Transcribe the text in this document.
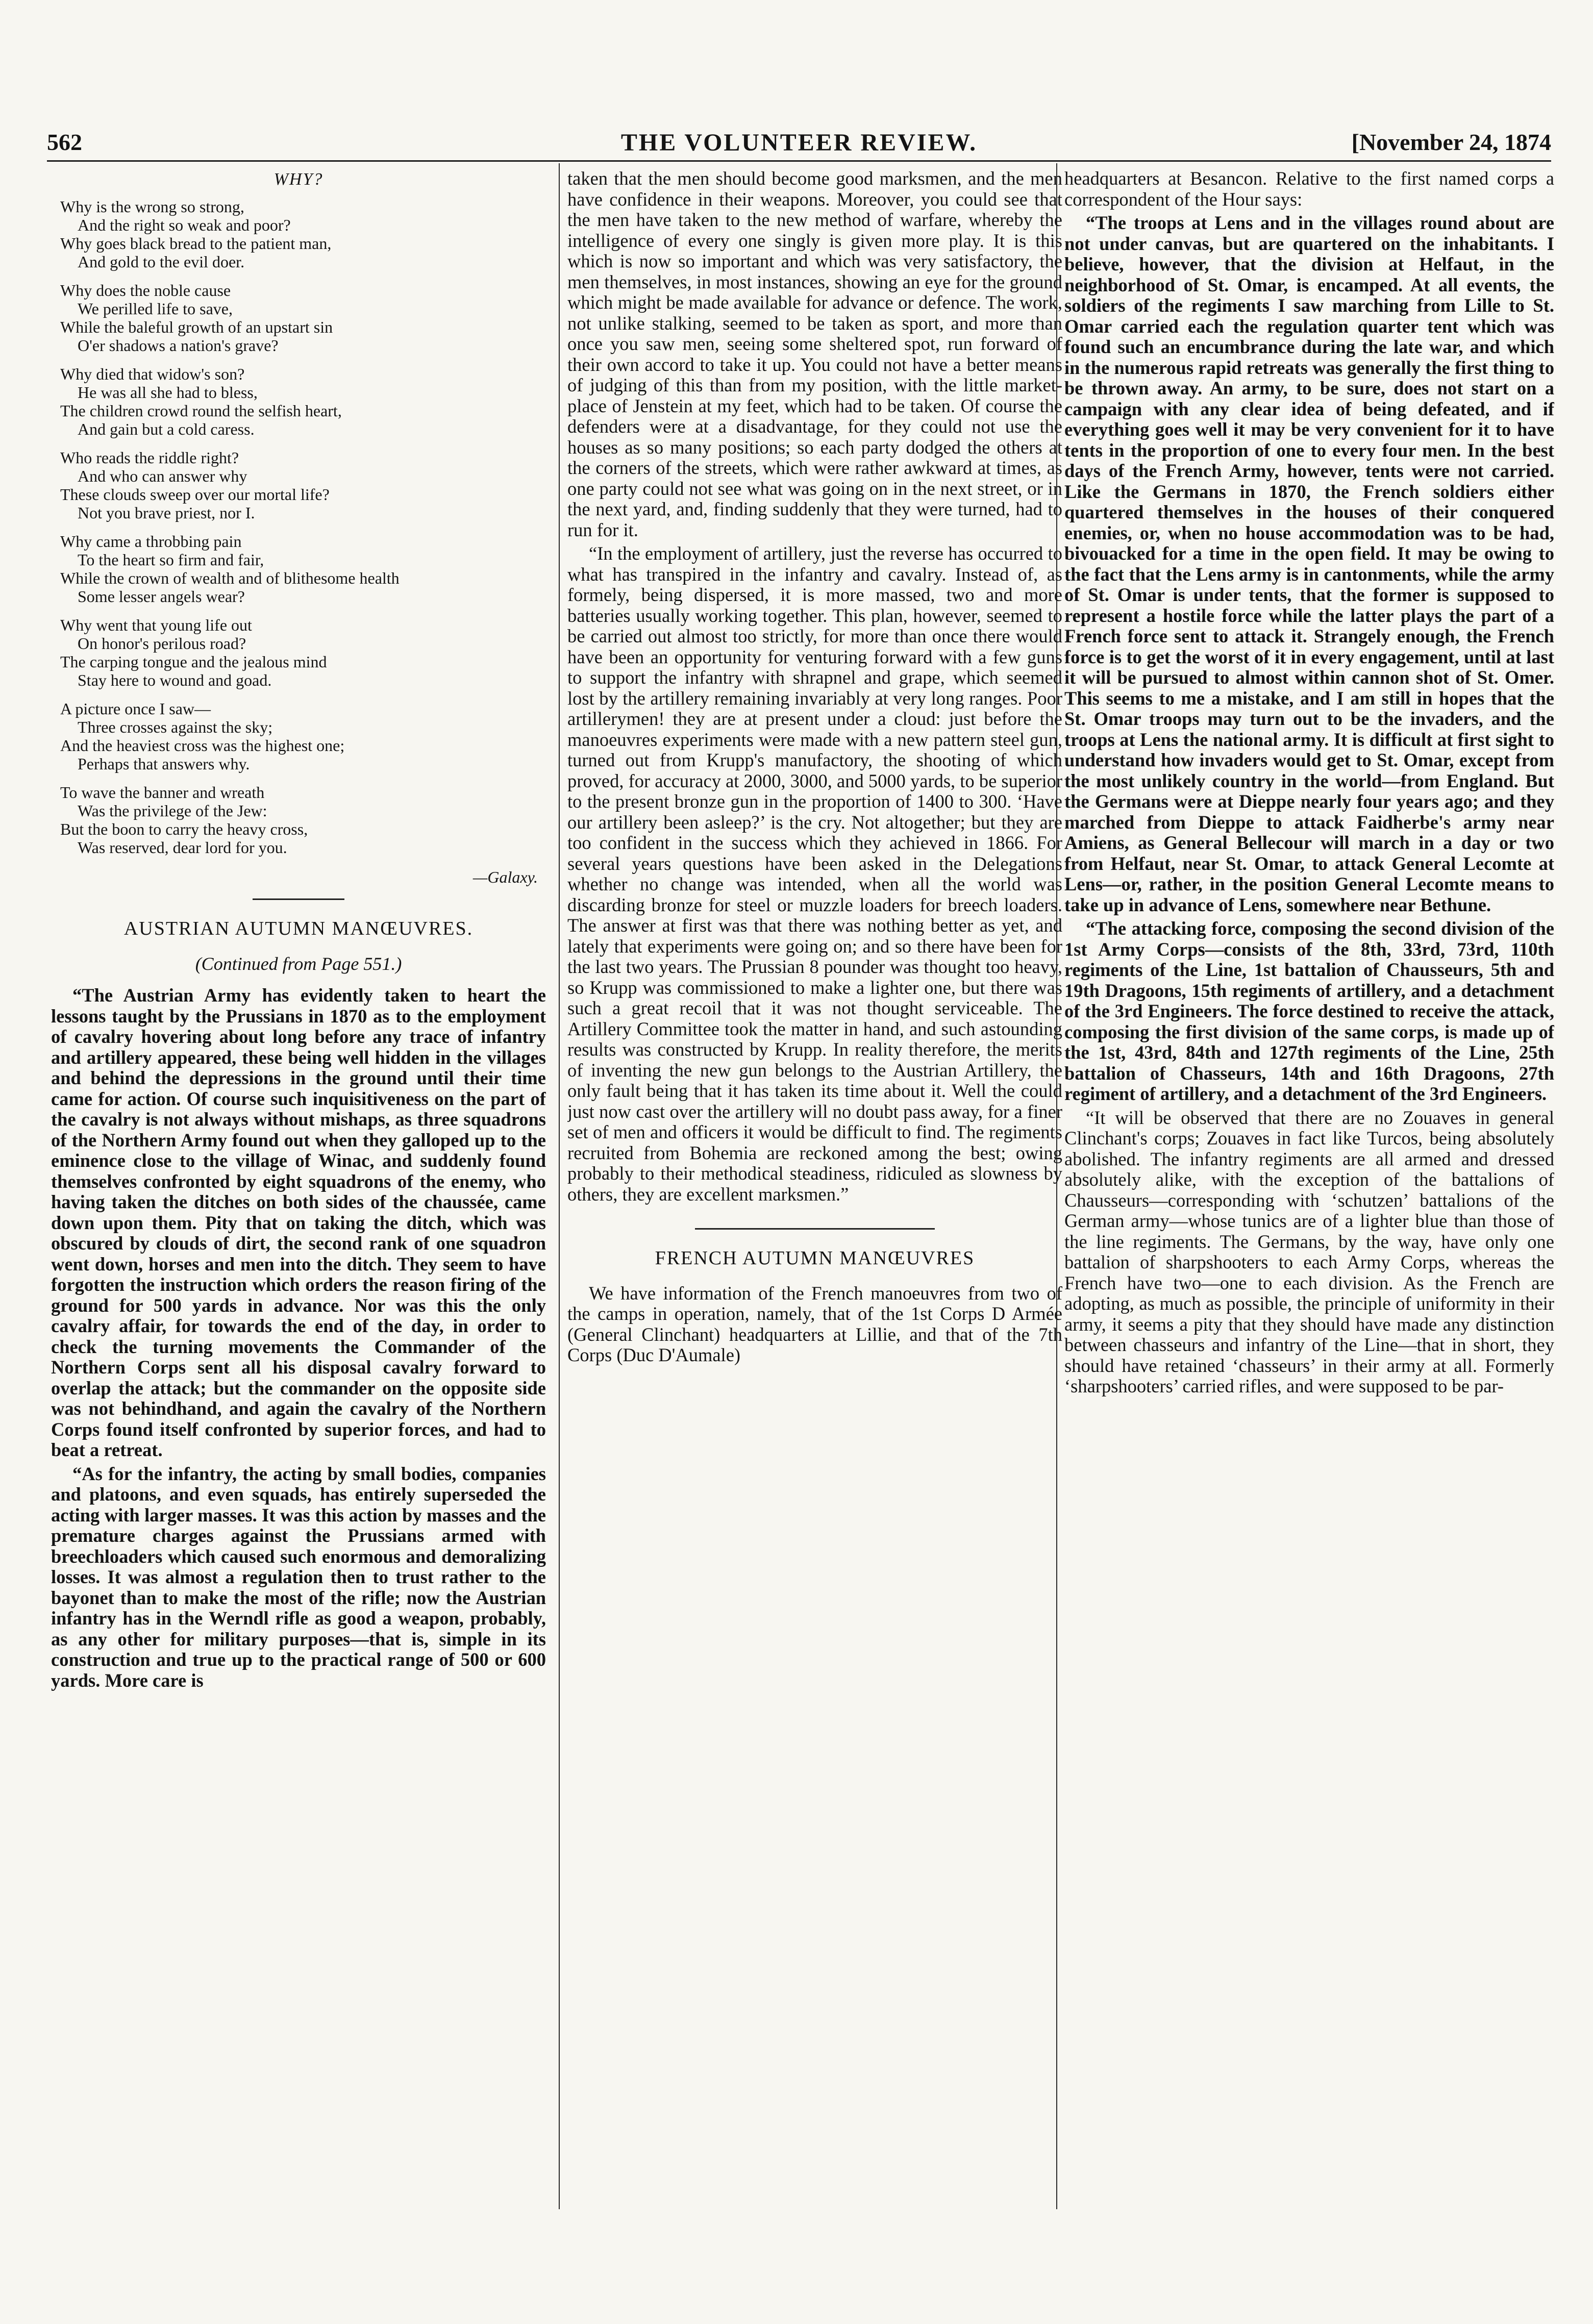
562	THE VOLUNTEER REVIEW.	[November 24, 1874
WHY?
Why is the wrong so strong,
And the right so weak and poor?
Why goes black bread to the patient man,
And gold to the evil doer.
Why does the noble cause
We perilled life to save,
While the baleful growth of an upstart sin
O'er shadows a nation's grave?
Why died that widow's son?
He was all she had to bless,
The children crowd round the selfish heart,
And gain but a cold caress.
Who reads the riddle right?
And who can answer why
These clouds sweep over our mortal life?
Not you brave priest, nor I.
Why came a throbbing pain
To the heart so firm and fair,
While the crown of wealth and of blithesome health
Some lesser angels wear?
Why went that young life out
On honor's perilous road?
The carping tongue and the jealous mind
Stay here to wound and goad.
A picture once I saw—
Three crosses against the sky;
And the heaviest cross was the highest one;
Perhaps that answers why.
To wave the banner and wreath
Was the privilege of the Jew:
But the boon to carry the heavy cross,
Was reserved, dear lord for you.
—Galaxy.
AUSTRIAN AUTUMN MANŒUVRES.
(Continued from Page 551.)

“The Austrian Army has evidently taken to heart the lessons taught by the Prussians in 1870 as to the employment of cavalry hovering about long before any trace of infantry and artillery appeared, these being well hidden in the villages and behind the depressions in the ground until their time came for action. Of course such inquisitiveness on the part of the cavalry is not always without mishaps, as three squadrons of the Northern Army found out when they galloped up to the eminence close to the village of Winac, and suddenly found themselves confronted by eight squadrons of the enemy, who having taken the ditches on both sides of the chaussée, came down upon them. Pity that on taking the ditch, which was obscured by clouds of dirt, the second rank of one squadron went down, horses and men into the ditch. They seem to have forgotten the instruction which orders the reason firing of the ground for 500 yards in advance. Nor was this the only cavalry affair, for towards the end of the day, in order to check the turning movements the Commander of the Northern Corps sent all his disposal cavalry forward to overlap the attack; but the commander on the opposite side was not behindhand, and again the cavalry of the Northern Corps found itself confronted by superior forces, and had to beat a retreat.

“As for the infantry, the acting by small bodies, companies and platoons, and even squads, has entirely superseded the acting with larger masses. It was this action by masses and the premature charges against the Prussians armed with breechloaders which caused such enormous and demoralizing losses. It was almost a regulation then to trust rather to the bayonet than to make the most of the rifle; now the Austrian infantry has in the Werndl rifle as good a weapon, probably, as any other for military purposes—that is, simple in its construction and true up to the practical range of 500 or 600 yards. More care is

taken that the men should become good marksmen, and the men have confidence in their weapons. Moreover, you could see that the men have taken to the new method of warfare, whereby the intelligence of every one singly is given more play. It is this which is now so important and which was very satisfactory, the men themselves, in most instances, showing an eye for the ground which might be made available for advance or defence. The work, not unlike stalking, seemed to be taken as sport, and more than once you saw men, seeing some sheltered spot, run forward of their own accord to take it up. You could not have a better means of judging of this than from my position, with the little market-place of Jenstein at my feet, which had to be taken. Of course the defenders were at a disadvantage, for they could not use the houses as so many positions; so each party dodged the others at the corners of the streets, which were rather awkward at times, as one party could not see what was going on in the next street, or in the next yard, and, finding suddenly that they were turned, had to run for it.

“In the employment of artillery, just the reverse has occurred to what has transpired in the infantry and cavalry. Instead of, as formely, being dispersed, it is more massed, two and more batteries usually working together. This plan, however, seemed to be carried out almost too strictly, for more than once there would have been an opportunity for venturing forward with a few guns to support the infantry with shrapnel and grape, which seemed lost by the artillery remaining invariably at very long ranges. Poor artillerymen! they are at present under a cloud: just before the manoeuvres experiments were made with a new pattern steel gun, turned out from Krupp's manufactory, the shooting of which proved, for accuracy at 2000, 3000, and 5000 yards, to be superior to the present bronze gun in the proportion of 1400 to 300. ‘Have our artillery been asleep?’ is the cry. Not altogether; but they are too confident in the success which they achieved in 1866. For several years questions have been asked in the Delegations whether no change was intended, when all the world was discarding bronze for steel or muzzle loaders for breech loaders. The answer at first was that there was nothing better as yet, and lately that experiments were going on; and so there have been for the last two years. The Prussian 8 pounder was thought too heavy, so Krupp was commissioned to make a lighter one, but there was such a great recoil that it was not thought serviceable. The Artillery Committee took the matter in hand, and such astounding results was constructed by Krupp. In reality therefore, the merits of inventing the new gun belongs to the Austrian Artillery, the only fault being that it has taken its time about it. Well the could just now cast over the artillery will no doubt pass away, for a finer set of men and officers it would be difficult to find. The regiments recruited from Bohemia are reckoned among the best; owing probably to their methodical steadiness, ridiculed as slowness by others, they are excellent marksmen.”

FRENCH AUTUMN MANŒUVRES

We have information of the French manoeuvres from two of the camps in operation, namely, that of the 1st Corps D Armée (General Clinchant) headquarters at Lillie, and that of the 7th Corps (Duc D'Aumale)

headquarters at Besancon. Relative to the first named corps a correspondent of the Hour says:

“The troops at Lens and in the villages round about are not under canvas, but are quartered on the inhabitants. I believe, however, that the division at Helfaut, in the neighborhood of St. Omar, is encamped. At all events, the soldiers of the regiments I saw marching from Lille to St. Omar carried each the regulation quarter tent which was found such an encumbrance during the late war, and which in the numerous rapid retreats was generally the first thing to be thrown away. An army, to be sure, does not start on a campaign with any clear idea of being defeated, and if everything goes well it may be very convenient for it to have tents in the proportion of one to every four men. In the best days of the French Army, however, tents were not carried. Like the Germans in 1870, the French soldiers either quartered themselves in the houses of their conquered enemies, or, when no house accommodation was to be had, bivouacked for a time in the open field. It may be owing to the fact that the Lens army is in cantonments, while the army of St. Omar is under tents, that the former is supposed to represent a hostile force while the latter plays the part of a French force sent to attack it. Strangely enough, the French force is to get the worst of it in every engagement, until at last it will be pursued to almost within cannon shot of St. Omer. This seems to me a mistake, and I am still in hopes that the St. Omar troops may turn out to be the invaders, and the troops at Lens the national army. It is difficult at first sight to understand how invaders would get to St. Omar, except from the most unlikely country in the world—from England. But the Germans were at Dieppe nearly four years ago; and they marched from Dieppe to attack Faidherbe's army near Amiens, as General Bellecour will march in a day or two from Helfaut, near St. Omar, to attack General Lecomte at Lens—or, rather, in the position General Lecomte means to take up in advance of Lens, somewhere near Bethune.

“The attacking force, composing the second division of the 1st Army Corps—consists of the 8th, 33rd, 73rd, 110th regiments of the Line, 1st battalion of Chausseurs, 5th and 19th Dragoons, 15th regiments of artillery, and a detachment of the 3rd Engineers. The force destined to receive the attack, composing the first division of the same corps, is made up of the 1st, 43rd, 84th and 127th regiments of the Line, 25th battalion of Chasseurs, 14th and 16th Dragoons, 27th regiment of artillery, and a detachment of the 3rd Engineers.

“It will be observed that there are no Zouaves in general Clinchant's corps; Zouaves in fact like Turcos, being absolutely abolished. The infantry regiments are all armed and dressed absolutely alike, with the exception of the battalions of Chausseurs—corresponding with ‘schutzen’ battalions of the German army—whose tunics are of a lighter blue than those of the line regiments. The Germans, by the way, have only one battalion of sharpshooters to each Army Corps, whereas the French have two—one to each division. As the French are adopting, as much as possible, the principle of uniformity in their army, it seems a pity that they should have made any distinction between chasseurs and infantry of the Line—that in short, they should have retained ‘chasseurs’ in their army at all. Formerly ‘sharpshooters’ carried rifles, and were supposed to be par-
